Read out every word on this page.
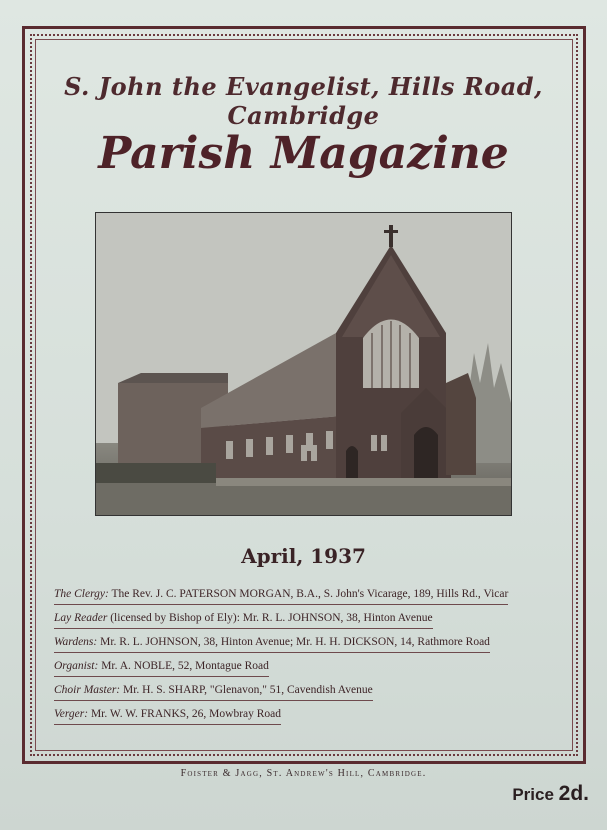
S. John the Evangelist, Hills Road, Cambridge
Parish Magazine
April, 1937
The Clergy: The Rev. J. C. PATERSON MORGAN, B.A., S. John's Vicarage, 189, Hills Rd., Vicar
Lay Reader (licensed by Bishop of Ely): Mr. R. L. JOHNSON, 38, Hinton Avenue
Wardens: Mr. R. L. JOHNSON, 38, Hinton Avenue; Mr. H. H. DICKSON, 14, Rathmore Road
Organist: Mr. A. NOBLE, 52, Montague Road
Choir Master: Mr. H. S. SHARP, "Glenavon," 51, Cavendish Avenue
Verger: Mr. W. W. FRANKS, 26, Mowbray Road
Foister & Jagg, St. Andrew's Hill, Cambridge.
Price 2d.
